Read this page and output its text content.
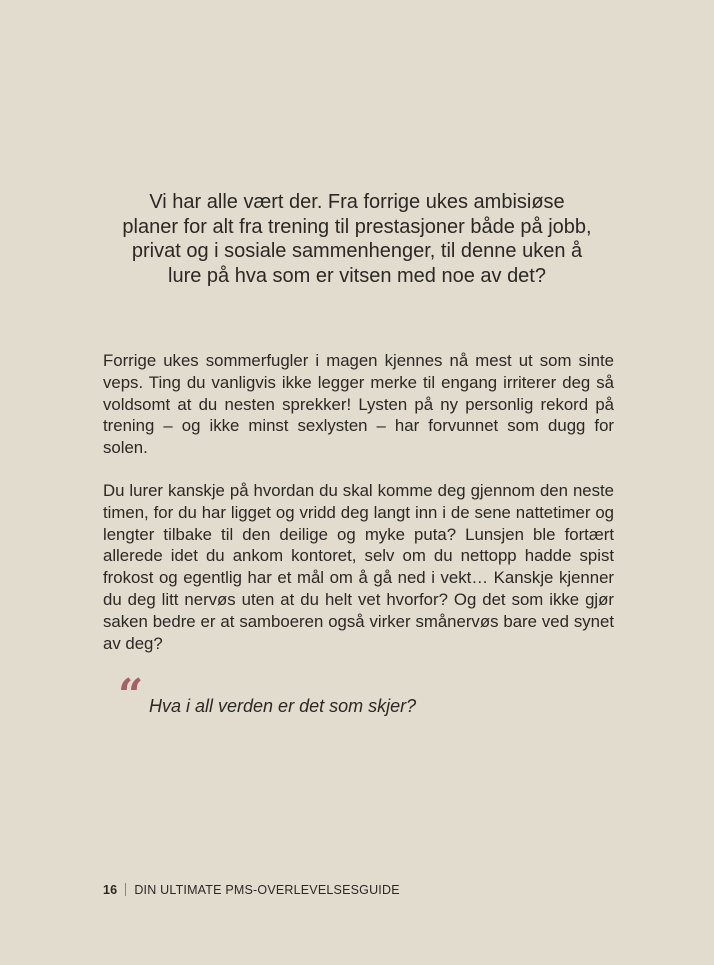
Vi har alle vært der. Fra forrige ukes ambisiøse planer for alt fra trening til prestasjoner både på jobb, privat og i sosiale sammenhenger, til denne uken å lure på hva som er vitsen med noe av det?

Forrige ukes sommerfugler i magen kjennes nå mest ut som sinte veps. Ting du vanligvis ikke legger merke til engang irriterer deg så voldsomt at du nesten sprekker! Lysten på ny personlig rekord på trening – og ikke minst sexlysten – har forvunnet som dugg for solen.

Du lurer kanskje på hvordan du skal komme deg gjennom den neste timen, for du har ligget og vridd deg langt inn i de sene nattetimer og lengter tilbake til den deilige og myke puta? Lunsjen ble fortært allerede idet du ankom kontoret, selv om du nettopp hadde spist frokost og egentlig har et mål om å gå ned i vekt… Kanskje kjenner du deg litt nervøs uten at du helt vet hvorfor? Og det som ikke gjør saken bedre er at samboeren også virker smånervøs bare ved synet av deg?

“ Hva i all verden er det som skjer?
16 DIN ULTIMATE PMS-OVERLEVELSESGUIDE
